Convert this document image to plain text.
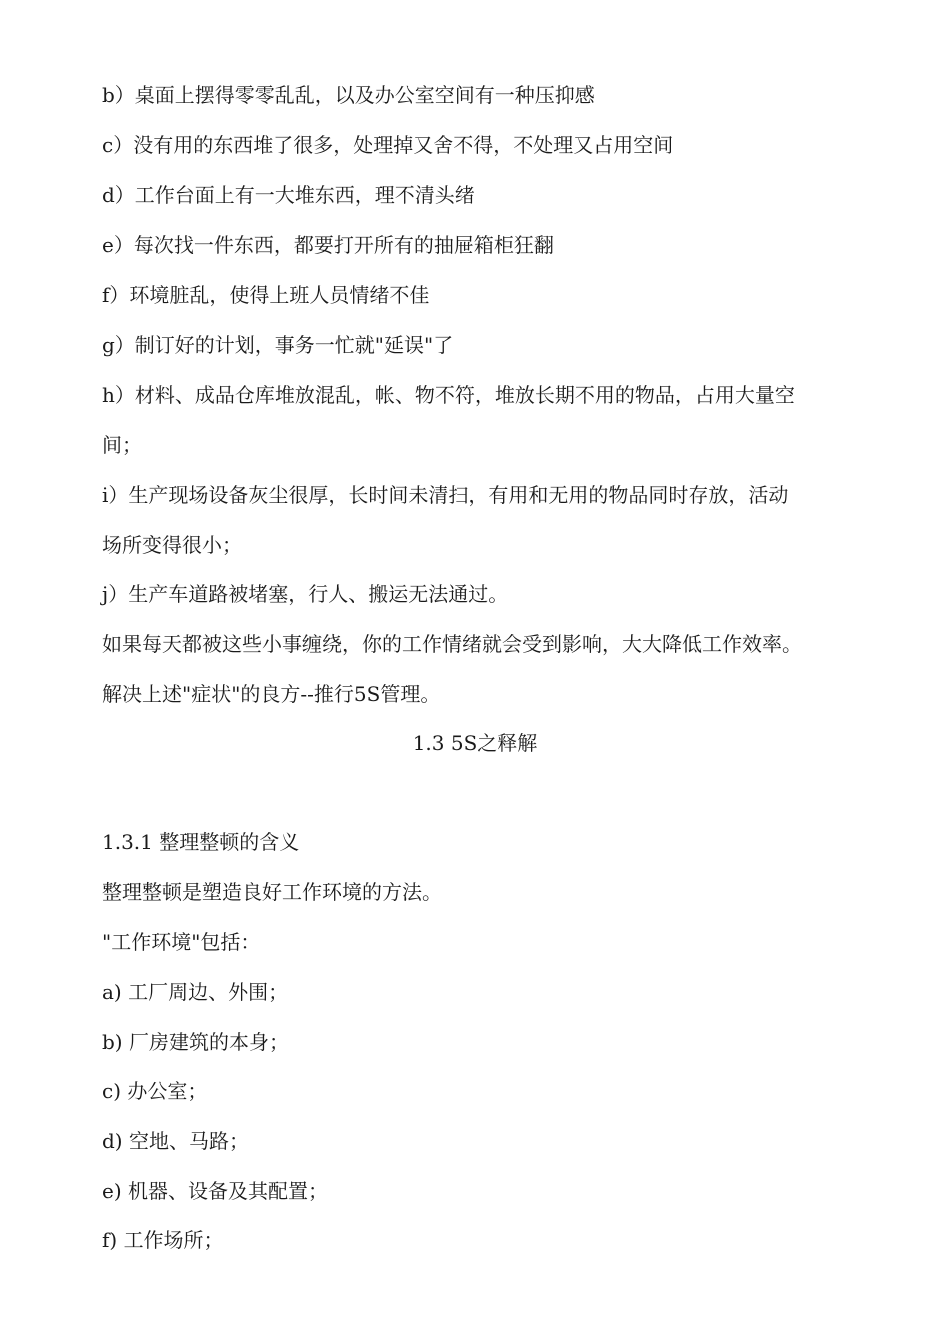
b）桌面上摆得零零乱乱，以及办公室空间有一种压抑感
c）没有用的东西堆了很多，处理掉又舍不得，不处理又占用空间
d）工作台面上有一大堆东西，理不清头绪
e）每次找一件东西，都要打开所有的抽屉箱柜狂翻
f）环境脏乱，使得上班人员情绪不佳
g）制订好的计划，事务一忙就"延误"了
h）材料、成品仓库堆放混乱，帐、物不符，堆放长期不用的物品，占用大量空
间；
i）生产现场设备灰尘很厚，长时间未清扫，有用和无用的物品同时存放，活动
场所变得很小；
j）生产车道路被堵塞，行人、搬运无法通过。
如果每天都被这些小事缠绕，你的工作情绪就会受到影响，大大降低工作效率。
解决上述"症状"的良方--推行5S管理。
1.3 5S之释解
1.3.1 整理整顿的含义
整理整顿是塑造良好工作环境的方法。
"工作环境"包括：
a) 工厂周边、外围；
b) 厂房建筑的本身；
c) 办公室；
d) 空地、马路；
e) 机器、设备及其配置；
f) 工作场所；
